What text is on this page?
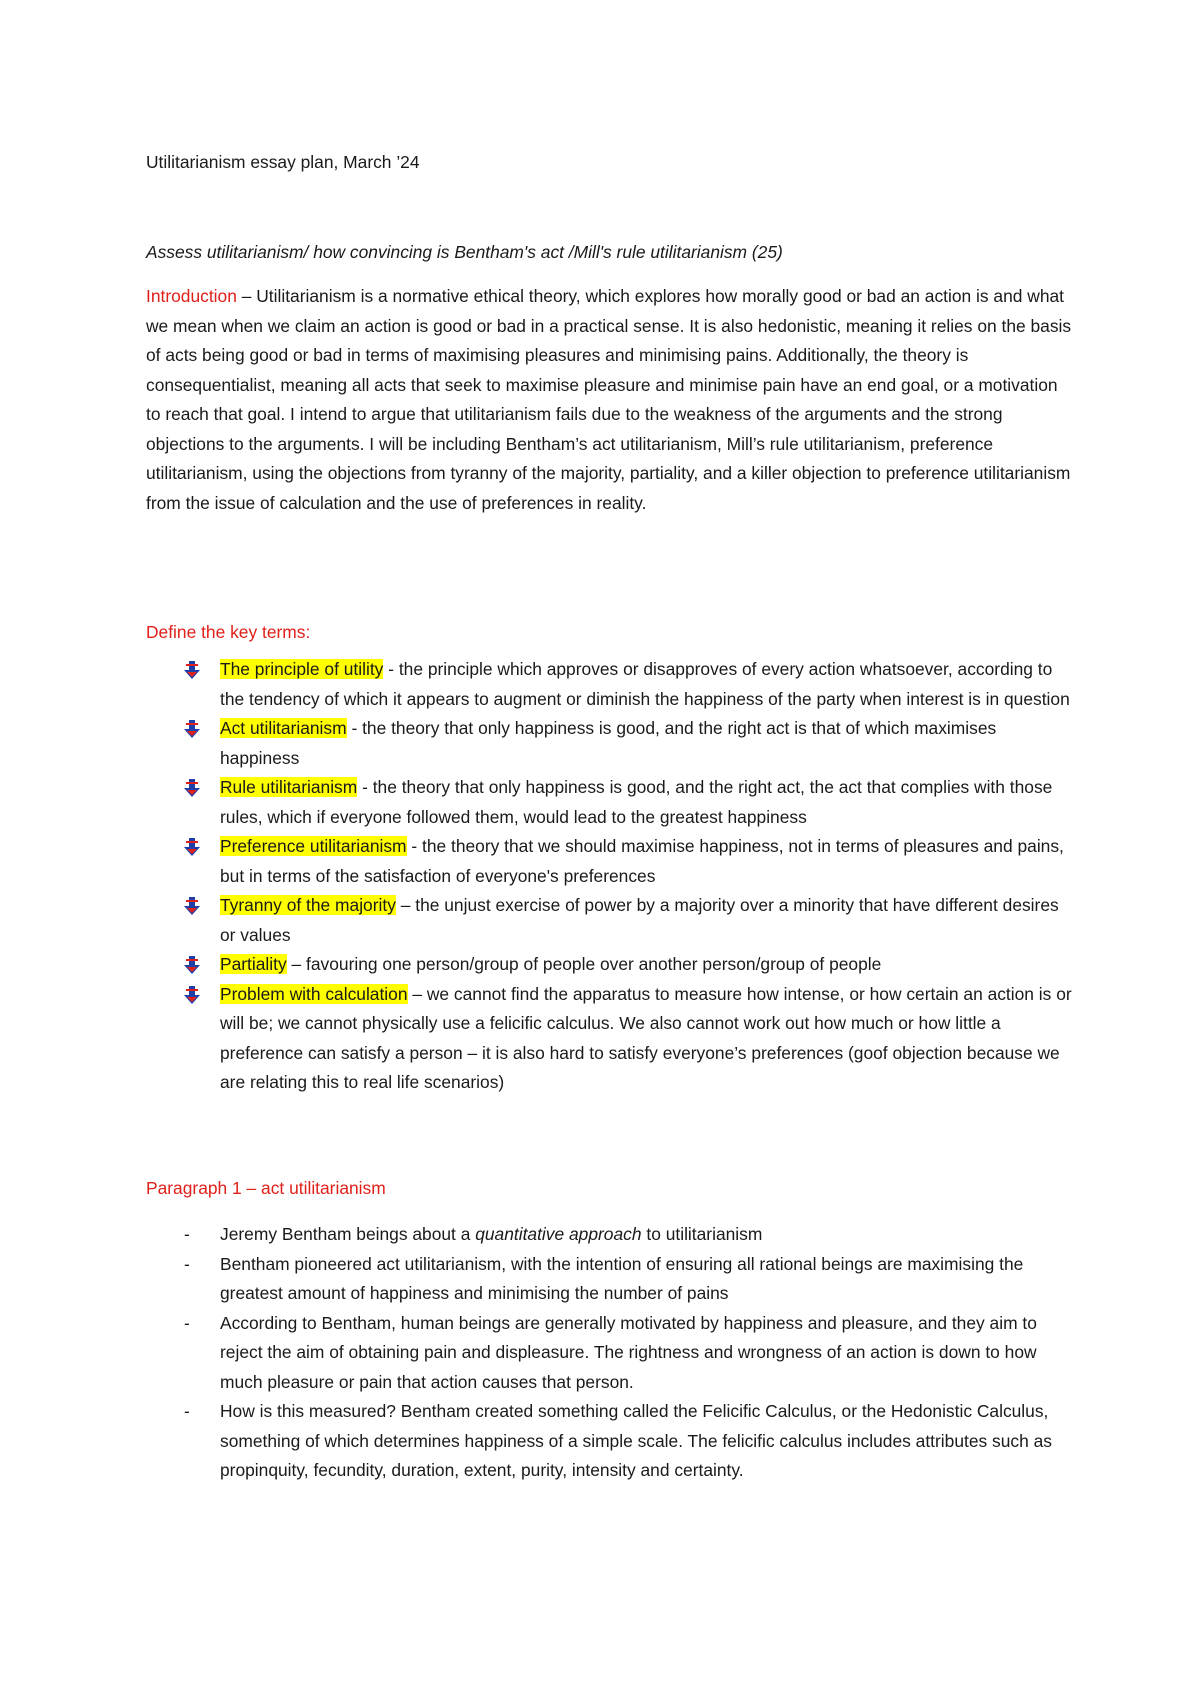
Utilitarianism essay plan, March ’24
Assess utilitarianism/ how convincing is Bentham's act /Mill's rule utilitarianism (25)
Introduction – Utilitarianism is a normative ethical theory, which explores how morally good or bad an action is and what we mean when we claim an action is good or bad in a practical sense. It is also hedonistic, meaning it relies on the basis of acts being good or bad in terms of maximising pleasures and minimising pains. Additionally, the theory is consequentialist, meaning all acts that seek to maximise pleasure and minimise pain have an end goal, or a motivation to reach that goal. I intend to argue that utilitarianism fails due to the weakness of the arguments and the strong objections to the arguments. I will be including Bentham’s act utilitarianism, Mill’s rule utilitarianism, preference utilitarianism, using the objections from tyranny of the majority, partiality, and a killer objection to preference utilitarianism from the issue of calculation and the use of preferences in reality.
Define the key terms:
The principle of utility - the principle which approves or disapproves of every action whatsoever, according to the tendency of which it appears to augment or diminish the happiness of the party when interest is in question
Act utilitarianism - the theory that only happiness is good, and the right act is that of which maximises happiness
Rule utilitarianism - the theory that only happiness is good, and the right act, the act that complies with those rules, which if everyone followed them, would lead to the greatest happiness
Preference utilitarianism - the theory that we should maximise happiness, not in terms of pleasures and pains, but in terms of the satisfaction of everyone's preferences
Tyranny of the majority – the unjust exercise of power by a majority over a minority that have different desires or values
Partiality – favouring one person/group of people over another person/group of people
Problem with calculation – we cannot find the apparatus to measure how intense, or how certain an action is or will be; we cannot physically use a felicific calculus. We also cannot work out how much or how little a preference can satisfy a person – it is also hard to satisfy everyone’s preferences (goof objection because we are relating this to real life scenarios)
Paragraph 1 – act utilitarianism
- Jeremy Bentham beings about a quantitative approach to utilitarianism
- Bentham pioneered act utilitarianism, with the intention of ensuring all rational beings are maximising the greatest amount of happiness and minimising the number of pains
- According to Bentham, human beings are generally motivated by happiness and pleasure, and they aim to reject the aim of obtaining pain and displeasure. The rightness and wrongness of an action is down to how much pleasure or pain that action causes that person.
- How is this measured? Bentham created something called the Felicific Calculus, or the Hedonistic Calculus, something of which determines happiness of a simple scale. The felicific calculus includes attributes such as propinquity, fecundity, duration, extent, purity, intensity and certainty.
